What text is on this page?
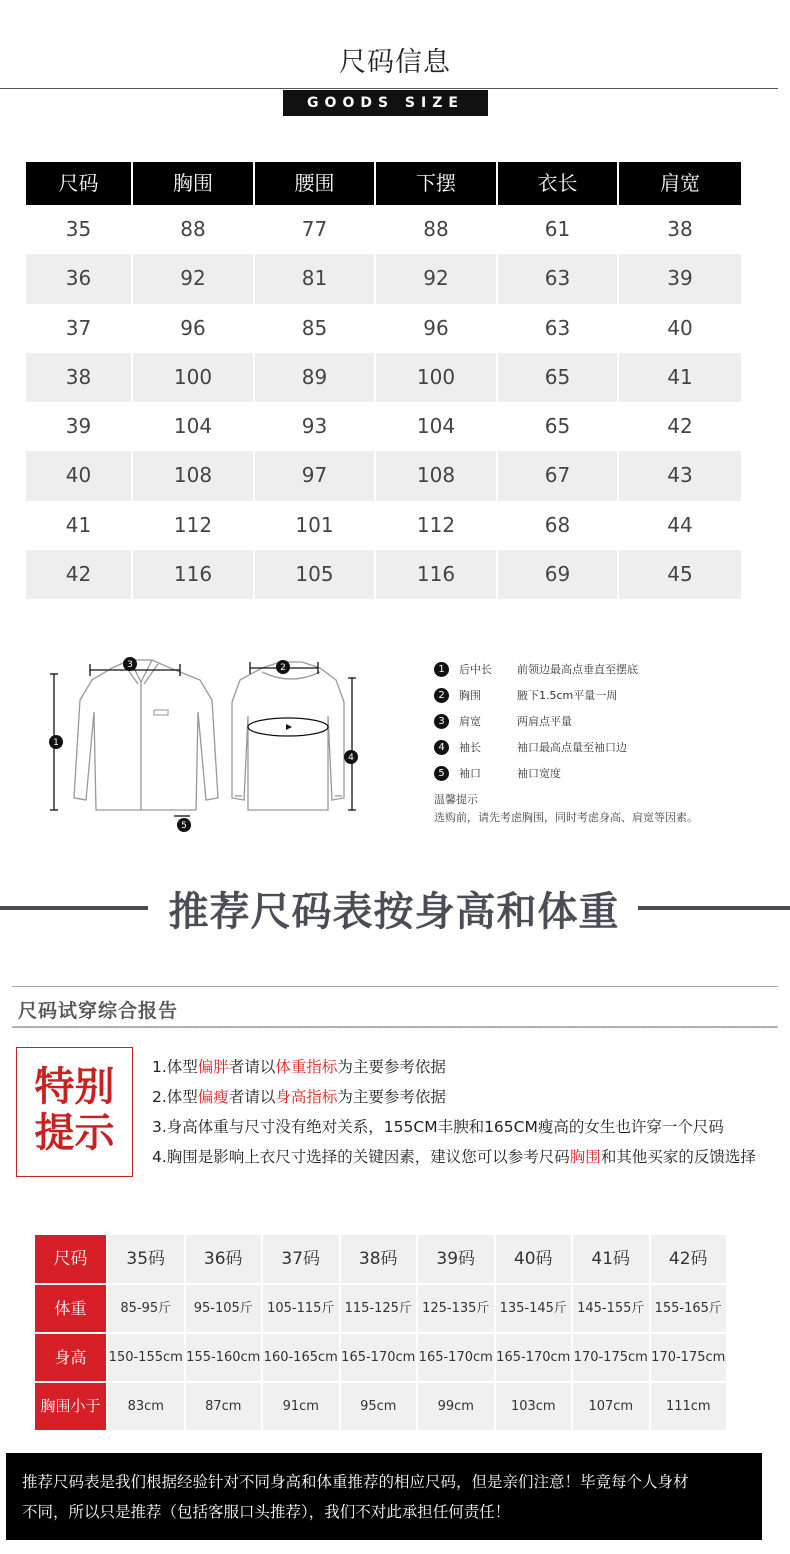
尺码信息
GOODS SIZE
尺码	胸围	腰围	下摆	衣长	肩宽
35	88	77	88	61	38
36	92	81	92	63	39
37	96	85	96	63	40
38	100	89	100	65	41
39	104	93	104	65	42
40	108	97	108	67	43
41	112	101	112	68	44
42	116	105	116	69	45
3	2
1
4
5
1	后中长	前领边最高点垂直至摆底
2	胸围	腋下1.5cm平量一周
3	肩宽	两肩点平量
4	袖长	袖口最高点量至袖口边
5	袖口	袖口宽度
温馨提示
选购前，请先考虑胸围，同时考虑身高、肩宽等因素。
推荐尺码表按身高和体重
尺码试穿综合报告
特别
提示
1.体型偏胖者请以体重指标为主要参考依据
2.体型偏瘦者请以身高指标为主要参考依据
3.身高体重与尺寸没有绝对关系，155CM丰腴和165CM瘦高的女生也许穿一个尺码
4.胸围是影响上衣尺寸选择的关键因素，建议您可以参考尺码胸围和其他买家的反馈选择
尺码	35码	36码	37码	38码	39码	40码	41码	42码
体重	85-95斤	95-105斤	105-115斤 115-125斤 125-135斤 135-145斤 145-155斤 155-165斤
身高	150-155cm 155-160cm 160-165cm 165-170cm 165-170cm 165-170cm 170-175cm 170-175cm
胸围小于	83cm	87cm	91cm	95cm	99cm	103cm	107cm	111cm
推荐尺码表是我们根据经验针对不同身高和体重推荐的相应尺码，但是亲们注意！毕竟每个人身材
不同，所以只是推荐（包括客服口头推荐），我们不对此承担任何责任！
